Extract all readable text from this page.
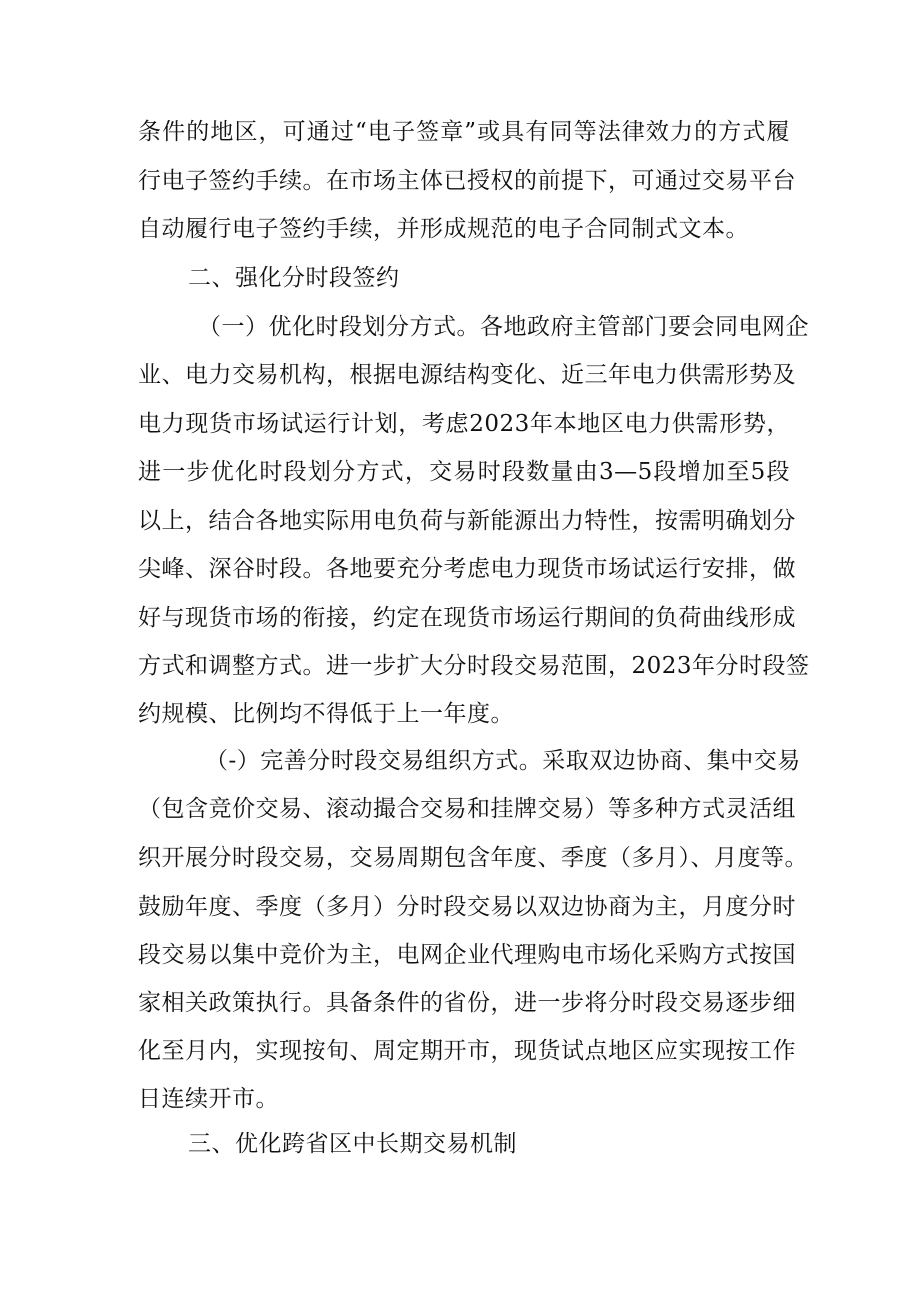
条件的地区，可通过“电子签章”或具有同等法律效力的方式履
行电子签约手续。在市场主体已授权的前提下，可通过交易平台
自动履行电子签约手续，并形成规范的电子合同制式文本。
二、强化分时段签约
（一）优化时段划分方式。各地政府主管部门要会同电网企
业、电力交易机构，根据电源结构变化、近三年电力供需形势及
电力现货市场试运行计划，考虑2023年本地区电力供需形势，
进一步优化时段划分方式，交易时段数量由3—5段增加至5段
以上，结合各地实际用电负荷与新能源出力特性，按需明确划分
尖峰、深谷时段。各地要充分考虑电力现货市场试运行安排，做
好与现货市场的衔接，约定在现货市场运行期间的负荷曲线形成
方式和调整方式。进一步扩大分时段交易范围，2023年分时段签
约规模、比例均不得低于上一年度。
（-）完善分时段交易组织方式。采取双边协商、集中交易
（包含竞价交易、滚动撮合交易和挂牌交易）等多种方式灵活组
织开展分时段交易，交易周期包含年度、季度（多月）、月度等。
鼓励年度、季度（多月）分时段交易以双边协商为主，月度分时
段交易以集中竞价为主，电网企业代理购电市场化采购方式按国
家相关政策执行。具备条件的省份，进一步将分时段交易逐步细
化至月内，实现按旬、周定期开市，现货试点地区应实现按工作
日连续开市。
三、优化跨省区中长期交易机制
